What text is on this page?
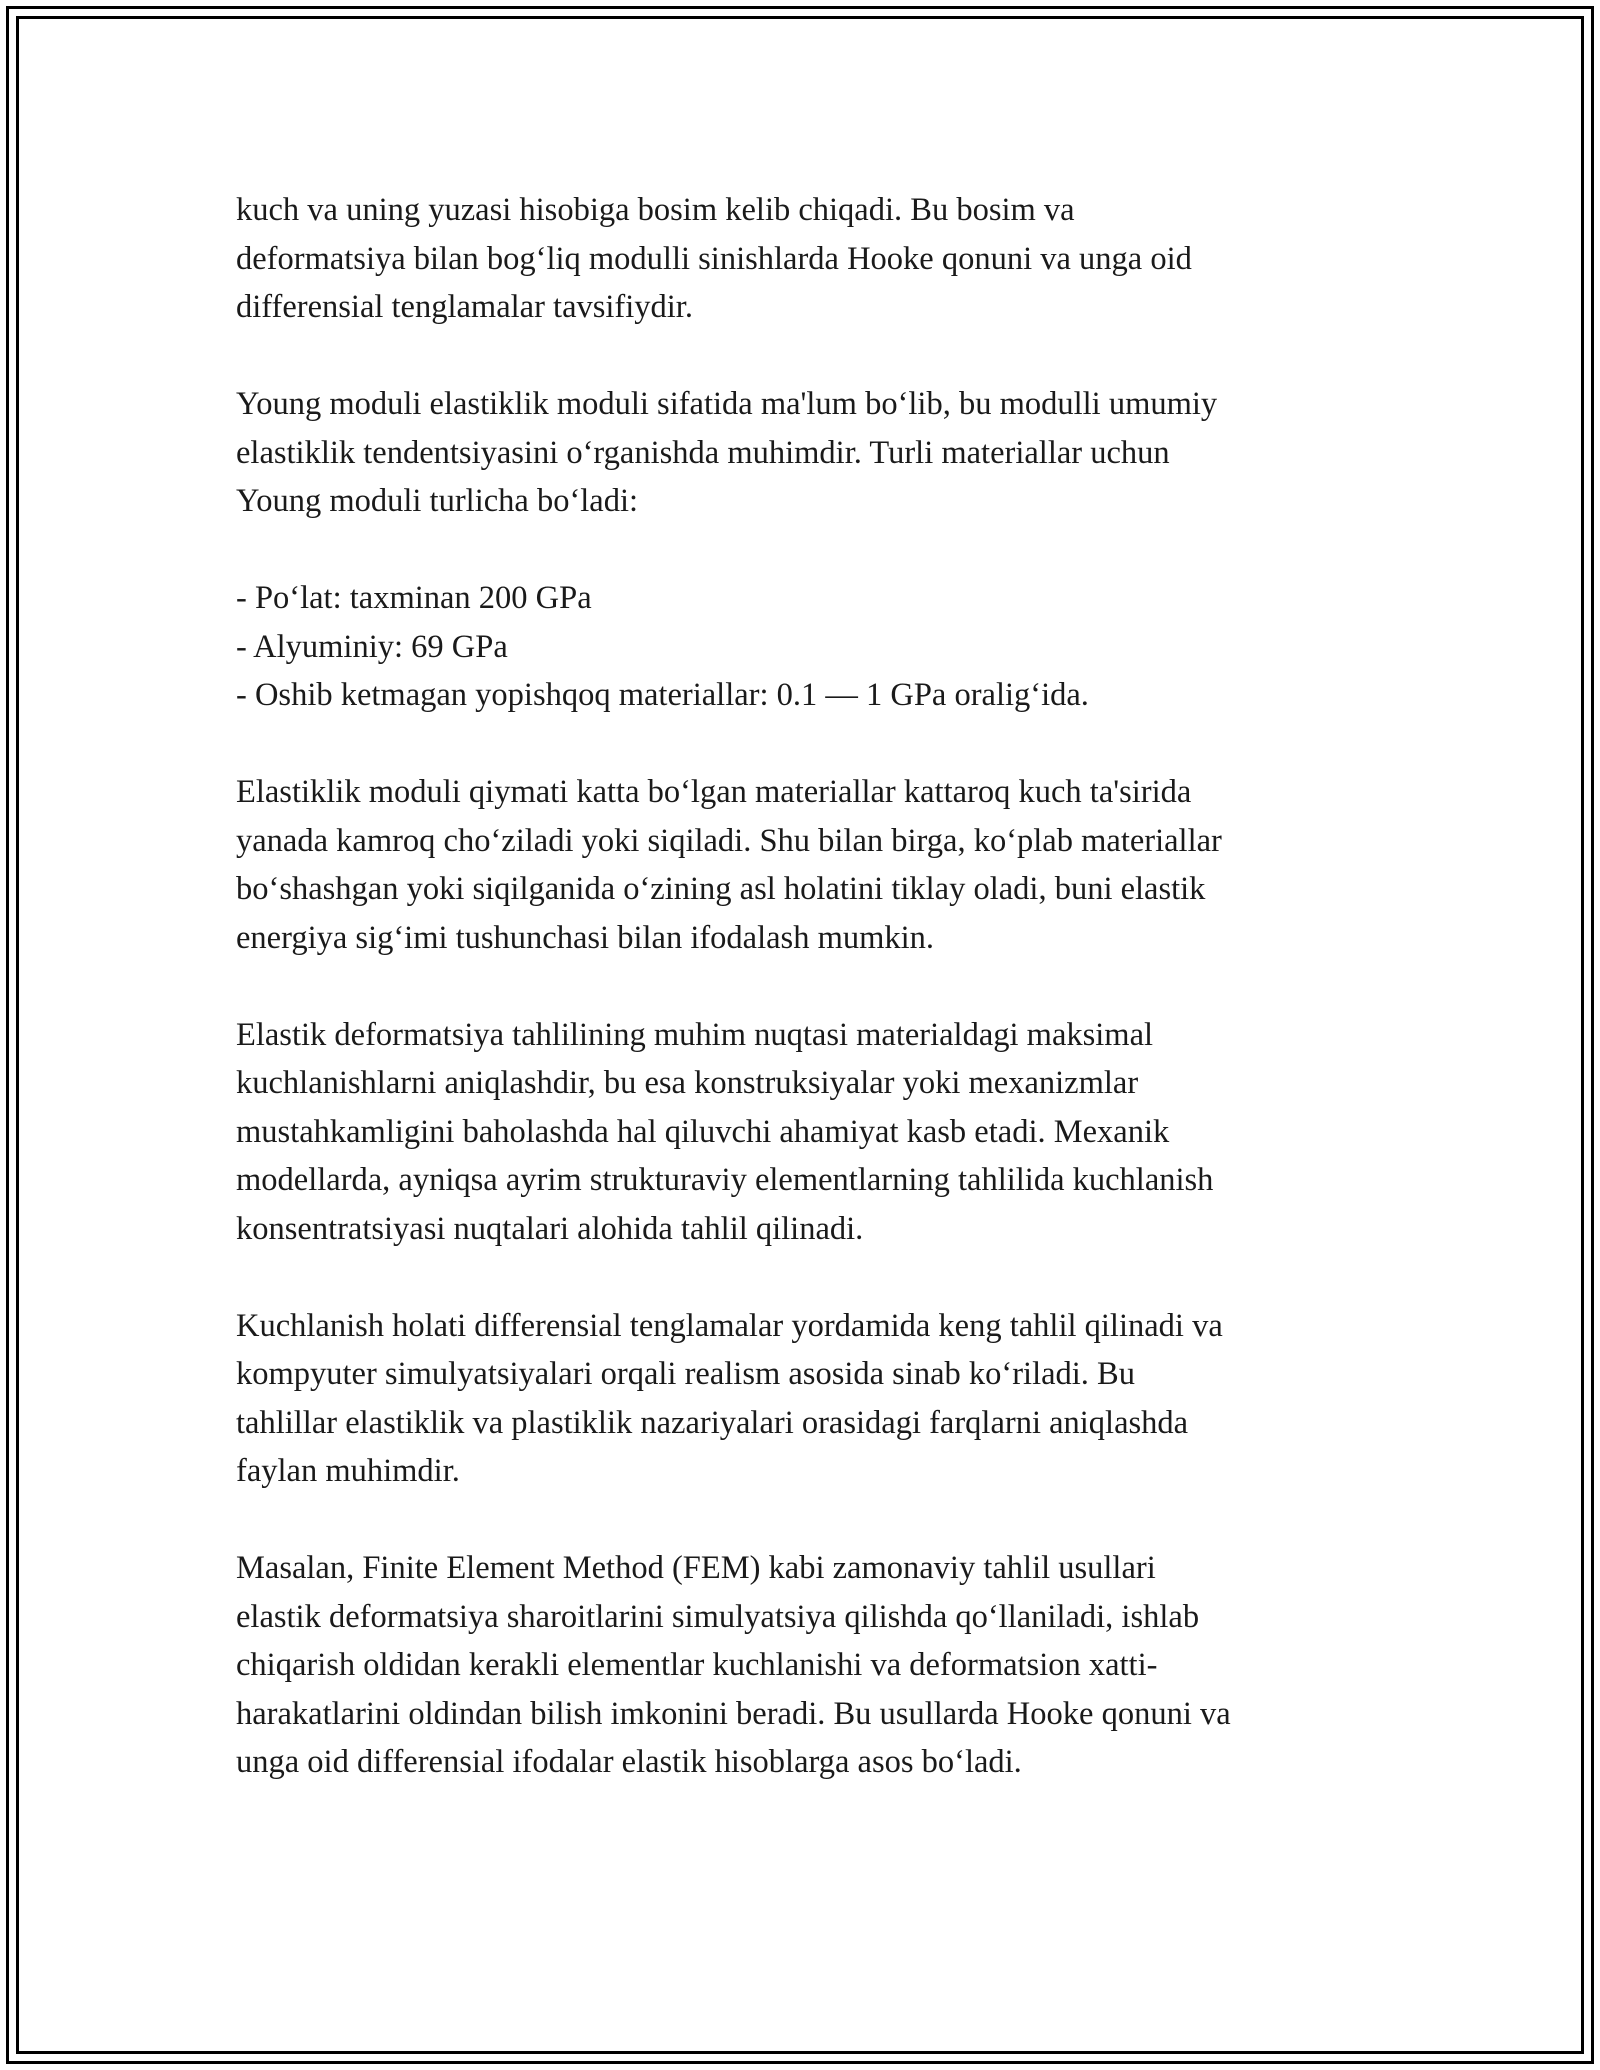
kuch va uning yuzasi hisobiga bosim kelib chiqadi. Bu bosim va
deformatsiya bilan bog‘liq modulli sinishlarda Hooke qonuni va unga oid
differensial tenglamalar tavsifiydir.

Young moduli elastiklik moduli sifatida ma'lum bo‘lib, bu modulli umumiy
elastiklik tendentsiyasini o‘rganishda muhimdir. Turli materiallar uchun
Young moduli turlicha bo‘ladi:

- Po‘lat: taxminan 200 GPa
- Alyuminiy: 69 GPa
- Oshib ketmagan yopishqoq materiallar: 0.1 — 1 GPa oralig‘ida.

Elastiklik moduli qiymati katta bo‘lgan materiallar kattaroq kuch ta'sirida
yanada kamroq cho‘ziladi yoki siqiladi. Shu bilan birga, ko‘plab materiallar
bo‘shashgan yoki siqilganida o‘zining asl holatini tiklay oladi, buni elastik
energiya sig‘imi tushunchasi bilan ifodalash mumkin.

Elastik deformatsiya tahlilining muhim nuqtasi materialdagi maksimal
kuchlanishlarni aniqlashdir, bu esa konstruksiyalar yoki mexanizmlar
mustahkamligini baholashda hal qiluvchi ahamiyat kasb etadi. Mexanik
modellarda, ayniqsa ayrim strukturaviy elementlarning tahlilida kuchlanish
konsentratsiyasi nuqtalari alohida tahlil qilinadi.

Kuchlanish holati differensial tenglamalar yordamida keng tahlil qilinadi va
kompyuter simulyatsiyalari orqali realism asosida sinab ko‘riladi. Bu
tahlillar elastiklik va plastiklik nazariyalari orasidagi farqlarni aniqlashda
faylan muhimdir.

Masalan, Finite Element Method (FEM) kabi zamonaviy tahlil usullari
elastik deformatsiya sharoitlarini simulyatsiya qilishda qo‘llaniladi, ishlab
chiqarish oldidan kerakli elementlar kuchlanishi va deformatsion xatti-
harakatlarini oldindan bilish imkonini beradi. Bu usullarda Hooke qonuni va
unga oid differensial ifodalar elastik hisoblarga asos bo‘ladi.
